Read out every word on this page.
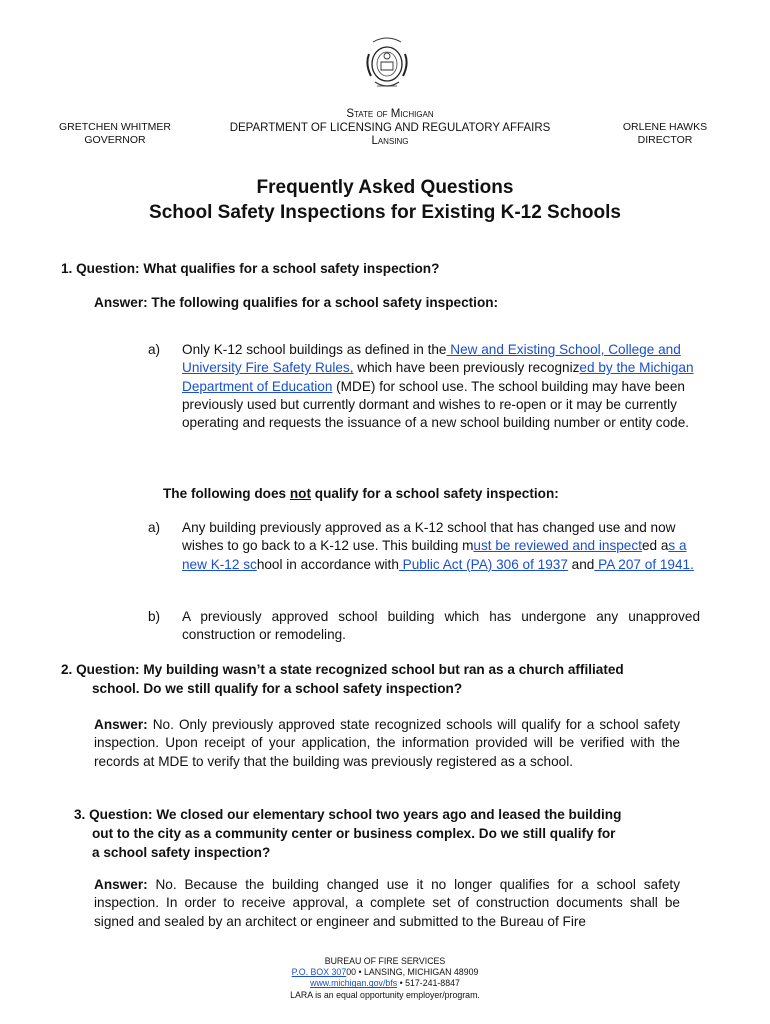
GRETCHEN WHITMER
GOVERNOR
State of Michigan
DEPARTMENT OF LICENSING AND REGULATORY AFFAIRS
Lansing
ORLENE HAWKS
DIRECTOR
Frequently Asked Questions
School Safety Inspections for Existing K-12 Schools
1. Question: What qualifies for a school safety inspection?
Answer: The following qualifies for a school safety inspection:
a) Only K-12 school buildings as defined in the New and Existing School, College and University Fire Safety Rules, which have been previously recognized by the Michigan Department of Education (MDE) for school use. The school building may have been previously used but currently dormant and wishes to re-open or it may be currently operating and requests the issuance of a new school building number or entity code.
The following does not qualify for a school safety inspection:
a) Any building previously approved as a K-12 school that has changed use and now wishes to go back to a K-12 use. This building must be reviewed and inspected as a new K-12 school in accordance with Public Act (PA) 306 of 1937 and PA 207 of 1941.
b) A previously approved school building which has undergone any unapproved construction or remodeling.
2. Question: My building wasn’t a state recognized school but ran as a church affiliated
school. Do we still qualify for a school safety inspection?
Answer: No. Only previously approved state recognized schools will qualify for a school safety inspection. Upon receipt of your application, the information provided will be verified with the records at MDE to verify that the building was previously registered as a school.
3. Question: We closed our elementary school two years ago and leased the building
out to the city as a community center or business complex. Do we still qualify for
a school safety inspection?
Answer: No. Because the building changed use it no longer qualifies for a school safety inspection. In order to receive approval, a complete set of construction documents shall be signed and sealed by an architect or engineer and submitted to the Bureau of Fire
BUREAU OF FIRE SERVICES
P.O. BOX 30700 • LANSING, MICHIGAN 48909
www.michigan.gov/bfs • 517-241-8847
LARA is an equal opportunity employer/program.
